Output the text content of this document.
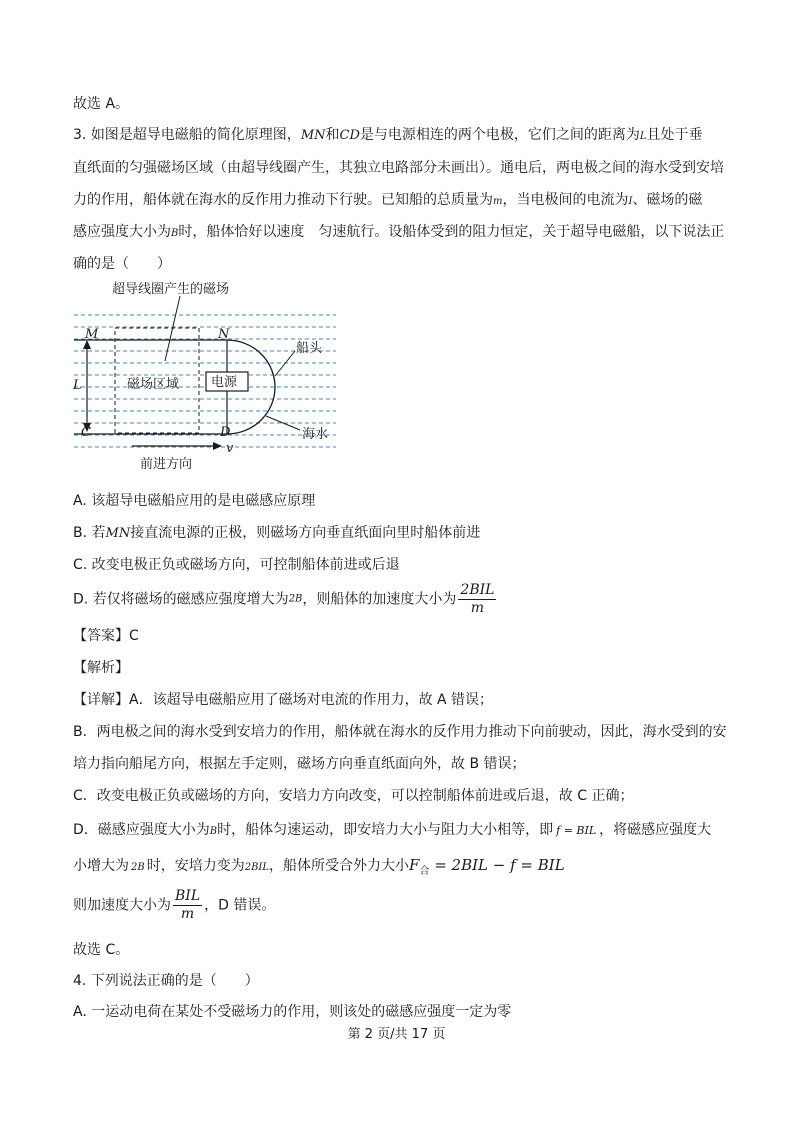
故选 A。
3. 如图是超导电磁船的简化原理图，MN和CD是与电源相连的两个电极，它们之间的距离为L且处于垂
直纸面的匀强磁场区域（由超导线圈产生，其独立电路部分未画出）。通电后，两电极之间的海水受到安培
力的作用，船体就在海水的反作用力推动下行驶。已知船的总质量为m，当电极间的电流为I、磁场的磁
感应强度大小为B时，船体恰好以速度 匀速航行。设船体受到的阻力恒定，关于超导电磁船，以下说法正
确的是（　　）
超导线圈产生的磁场
M	N
L	磁场区域 电源
船头
C	D	海水
v
前进方向
A. 该超导电磁船应用的是电磁感应原理
B. 若MN接直流电源的正极，则磁场方向垂直纸面向里时船体前进
C. 改变电极正负或磁场方向，可控制船体前进或后退
D. 若仅将磁场的磁感应强度增大为2B，则船体的加速度大小为 $\frac{\text{2BIL}}{m}$
【答案】C
【解析】
【详解】A．该超导电磁船应用了磁场对电流的作用力，故 A 错误；
B．两电极之间的海水受到安培力的作用，船体就在海水的反作用力推动下向前驶动，因此，海水受到的安
培力指向船尾方向，根据左手定则，磁场方向垂直纸面向外，故 B 错误；
C．改变电极正负或磁场的方向，安培力方向改变，可以控制船体前进或后退，故 C 正确；
D．磁感应强度大小为B时，船体匀速运动，即安培力大小与阻力大小相等，即 f = BIL ，将磁感应强度大
小增大为 2B 时，安培力变为2BIL，船体所受合外力大小$F_合 = 2BIL - f$ = BIL
则加速度大小为 $\frac{\text{BIL}}{m}$ ，D 错误。
故选 C。
4. 下列说法正确的是（　　）
A. 一运动电荷在某处不受磁场力的作用，则该处的磁感应强度一定为零
第 2 页/共 17 页
